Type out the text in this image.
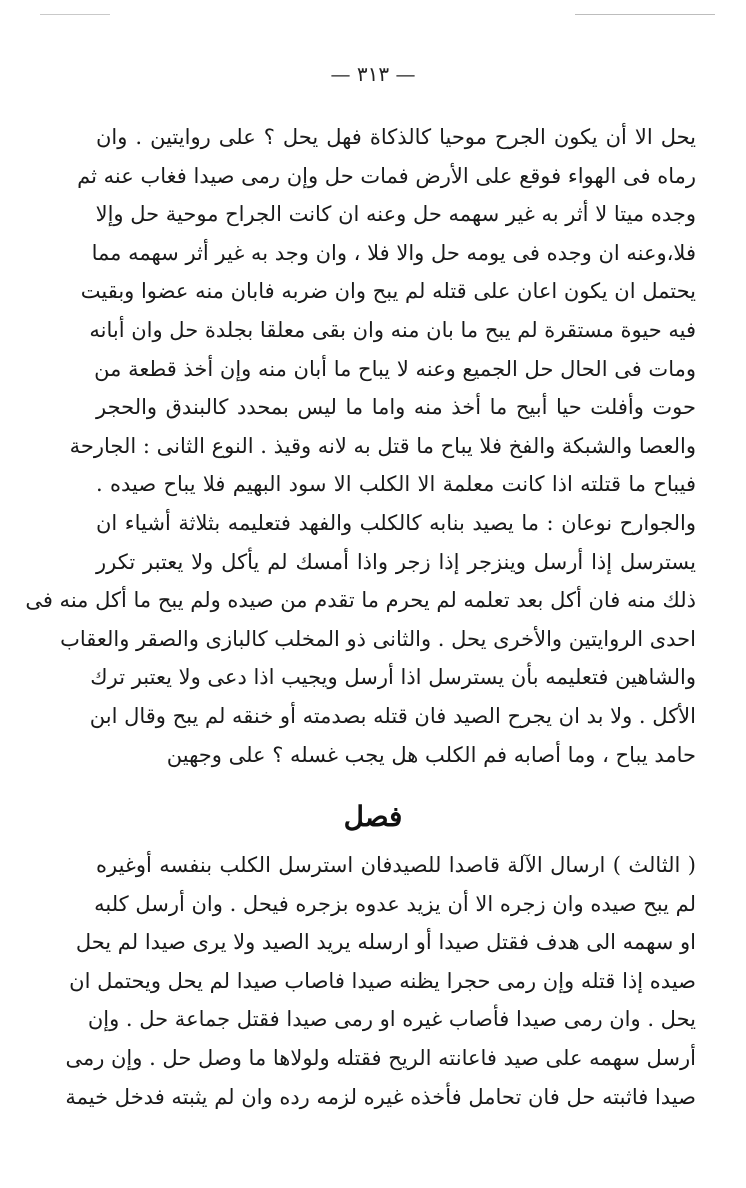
— ٣١٣ —
يحل الا أن يكون الجرح موحيا كالذكاة فهل يحل ؟ على روايتين . وان
رماه فى الهواء فوقع على الأرض فمات حل وإن رمى صيدا فغاب عنه ثم
وجده ميتا لا أثر به غير سهمه حل وعنه ان كانت الجراح موحية حل وإلا
فلا،وعنه ان وجده فى يومه حل والا فلا ، وان وجد به غير أثر سهمه مما
يحتمل ان يكون اعان على قتله لم يبح وان ضربه فابان منه عضوا وبقيت
فيه حيوة مستقرة لم يبح ما بان منه وان بقى معلقا بجلدة حل وان أبانه
ومات فى الحال حل الجميع وعنه لا يباح ما أبان منه وإن أخذ قطعة من
حوت وأفلت حيا أبيح ما أخذ منه واما ما ليس بمحدد كالبندق والحجر
والعصا والشبكة والفخ فلا يباح ما قتل به لانه وقيذ . النوع الثانى : الجارحة
فيباح ما قتلته اذا كانت معلمة الا الكلب الا سود البهيم فلا يباح صيده .
والجوارح نوعان : ما يصيد بنابه كالكلب والفهد فتعليمه بثلاثة أشياء ان
يسترسل إذا أرسل وينزجر إذا زجر واذا أمسك لم يأكل ولا يعتبر تكرر
ذلك منه فان أكل بعد تعلمه لم يحرم ما تقدم من صيده ولم يبح ما أكل منه فى
احدى الروايتين والأخرى يحل . والثانى ذو المخلب كالبازى والصقر والعقاب
والشاهين فتعليمه بأن يسترسل اذا أرسل ويجيب اذا دعى ولا يعتبر ترك
الأكل . ولا بد ان يجرح الصيد فان قتله بصدمته أو خنقه لم يبح وقال ابن
حامد يباح ، وما أصابه فم الكلب هل يجب غسله ؟ على وجهين
فصل
( الثالث ) ارسال الآلة قاصدا للصيدفان استرسل الكلب بنفسه أوغيره
لم يبح صيده وان زجره الا أن يزيد عدوه بزجره فيحل . وان أرسل كلبه
او سهمه الى هدف فقتل صيدا أو ارسله يريد الصيد ولا يرى صيدا لم يحل
صيده إذا قتله وإن رمى حجرا يظنه صيدا فاصاب صيدا لم يحل ويحتمل ان
يحل . وان رمى صيدا فأصاب غيره او رمى صيدا فقتل جماعة حل . وإن
أرسل سهمه على صيد فاعانته الريح فقتله ولولاها ما وصل حل . وإن رمى
صيدا فاثبته حل فان تحامل فأخذه غيره لزمه رده وان لم يثبته فدخل خيمة
